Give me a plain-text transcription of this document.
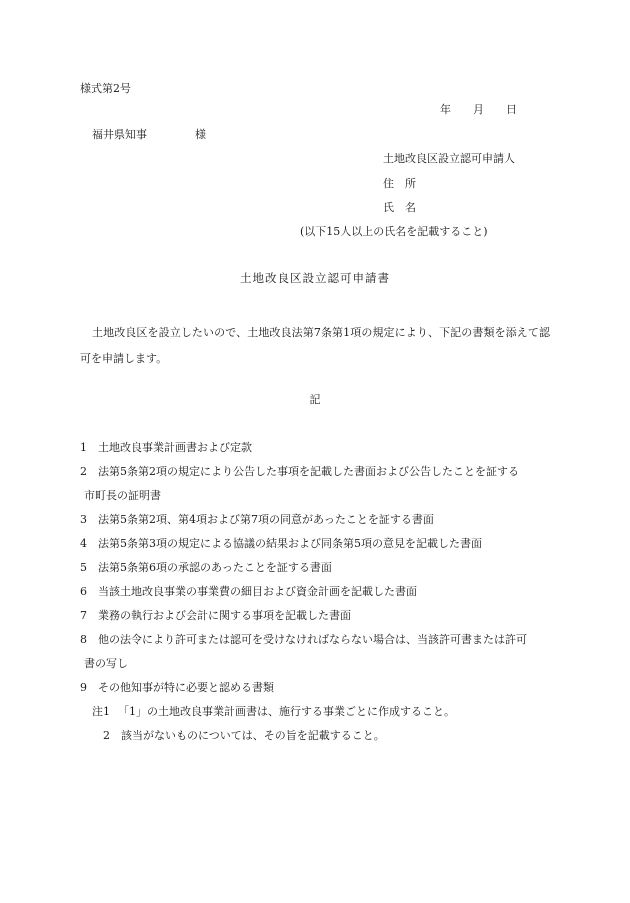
様式第2号
年 月 日
福井県知事	様
土地改良区設立認可申請人
住　所
氏　名
(以下15人以上の氏名を記載すること)
土地改良区設立認可申請書
土地改良区を設立したいので、土地改良法第7条第1項の規定により、下記の書類を添えて認可を申請します。
記
1	土地改良事業計画書および定款
2	法第5条第2項の規定により公告した事項を記載した書面および公告したことを証する
市町長の証明書
3	法第5条第2項、第4項および第7項の同意があったことを証する書面
4	法第5条第3項の規定による協議の結果および同条第5項の意見を記載した書面
5	法第5条第6項の承認のあったことを証する書面
6	当該土地改良事業の事業費の細目および資金計画を記載した書面
7	業務の執行および会計に関する事項を記載した書面
8	他の法令により許可または認可を受けなければならない場合は、当該許可書または許可
書の写し
9	その他知事が特に必要と認める書類
注1 「1」の土地改良事業計画書は、施行する事業ごとに作成すること。
2 該当がないものについては、その旨を記載すること。
